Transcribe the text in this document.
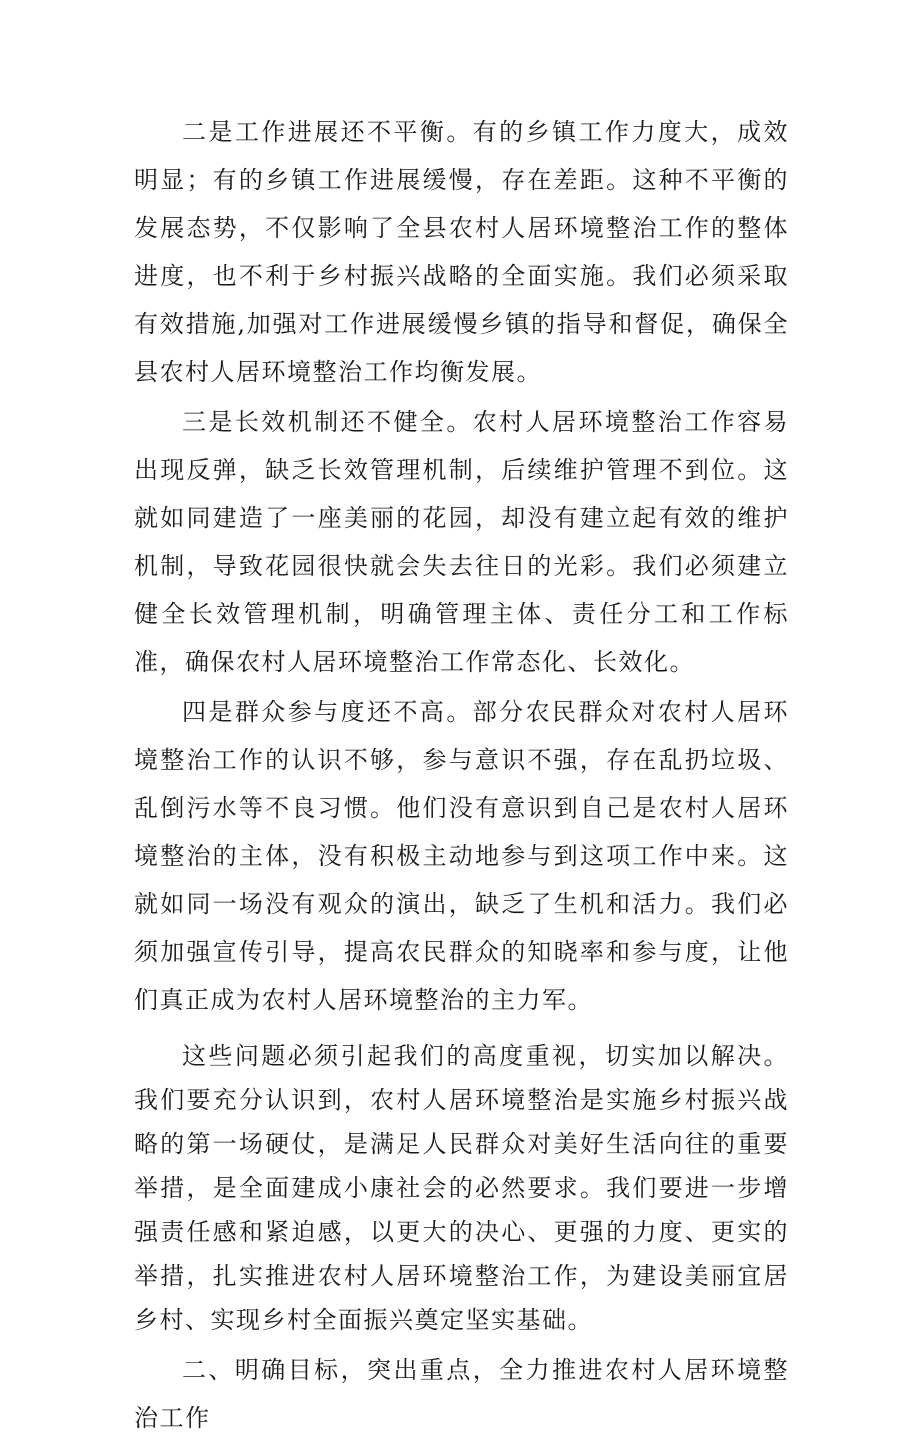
二是工作进展还不平衡。有的乡镇工作力度大，成效明显；有的乡镇工作进展缓慢，存在差距。这种不平衡的发展态势，不仅影响了全县农村人居环境整治工作的整体进度，也不利于乡村振兴战略的全面实施。我们必须采取有效措施,加强对工作进展缓慢乡镇的指导和督促，确保全县农村人居环境整治工作均衡发展。

三是长效机制还不健全。农村人居环境整治工作容易出现反弹，缺乏长效管理机制，后续维护管理不到位。这就如同建造了一座美丽的花园，却没有建立起有效的维护机制，导致花园很快就会失去往日的光彩。我们必须建立健全长效管理机制，明确管理主体、责任分工和工作标准，确保农村人居环境整治工作常态化、长效化。

四是群众参与度还不高。部分农民群众对农村人居环境整治工作的认识不够，参与意识不强，存在乱扔垃圾、乱倒污水等不良习惯。他们没有意识到自己是农村人居环境整治的主体，没有积极主动地参与到这项工作中来。这就如同一场没有观众的演出，缺乏了生机和活力。我们必须加强宣传引导，提高农民群众的知晓率和参与度，让他们真正成为农村人居环境整治的主力军。

这些问题必须引起我们的高度重视，切实加以解决。我们要充分认识到，农村人居环境整治是实施乡村振兴战略的第一场硬仗，是满足人民群众对美好生活向往的重要举措，是全面建成小康社会的必然要求。我们要进一步增强责任感和紧迫感，以更大的决心、更强的力度、更实的举措，扎实推进农村人居环境整治工作，为建设美丽宜居乡村、实现乡村全面振兴奠定坚实基础。

二、明确目标，突出重点，全力推进农村人居环境整治工作
